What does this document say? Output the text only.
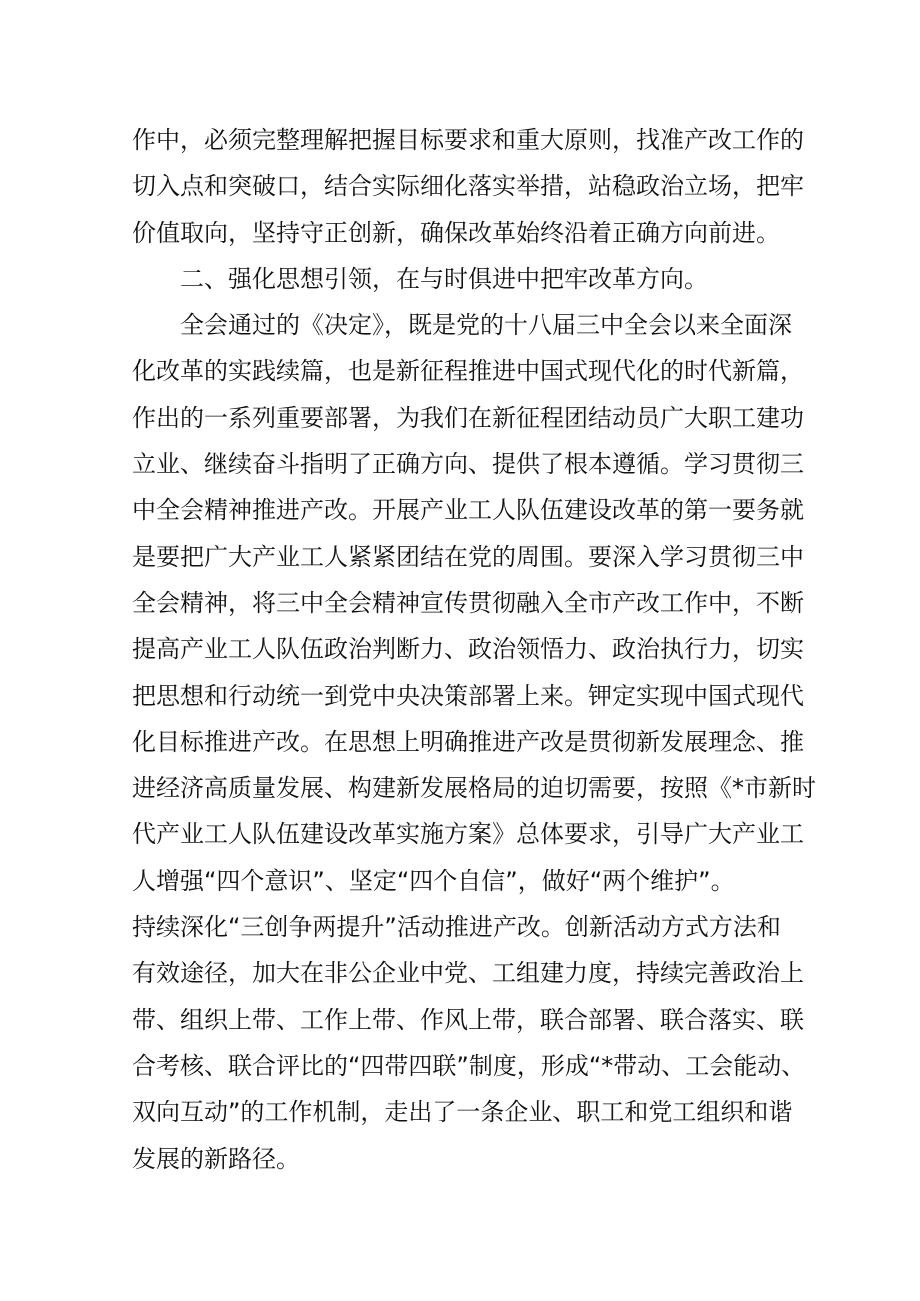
作中，必须完整理解把握目标要求和重大原则，找准产改工作的
切入点和突破口，结合实际细化落实举措，站稳政治立场，把牢
价值取向，坚持守正创新，确保改革始终沿着正确方向前进。
二、强化思想引领，在与时俱进中把牢改革方向。
全会通过的《决定》，既是党的十八届三中全会以来全面深
化改革的实践续篇，也是新征程推进中国式现代化的时代新篇，
作出的一系列重要部署，为我们在新征程团结动员广大职工建功
立业、继续奋斗指明了正确方向、提供了根本遵循。学习贯彻三
中全会精神推进产改。开展产业工人队伍建设改革的第一要务就
是要把广大产业工人紧紧团结在党的周围。要深入学习贯彻三中
全会精神，将三中全会精神宣传贯彻融入全市产改工作中，不断
提高产业工人队伍政治判断力、政治领悟力、政治执行力，切实
把思想和行动统一到党中央决策部署上来。钾定实现中国式现代
化目标推进产改。在思想上明确推进产改是贯彻新发展理念、推
进经济高质量发展、构建新发展格局的迫切需要，按照《*市新时
代产业工人队伍建设改革实施方案》总体要求，引导广大产业工
人增强“四个意识”、坚定“四个自信”，做好“两个维护”。
持续深化“三创争两提升”活动推进产改。创新活动方式方法和
有效途径，加大在非公企业中党、工组建力度，持续完善政治上
带、组织上带、工作上带、作风上带，联合部署、联合落实、联
合考核、联合评比的“四带四联”制度，形成“*带动、工会能动、
双向互动”的工作机制，走出了一条企业、职工和党工组织和谐
发展的新路径。
